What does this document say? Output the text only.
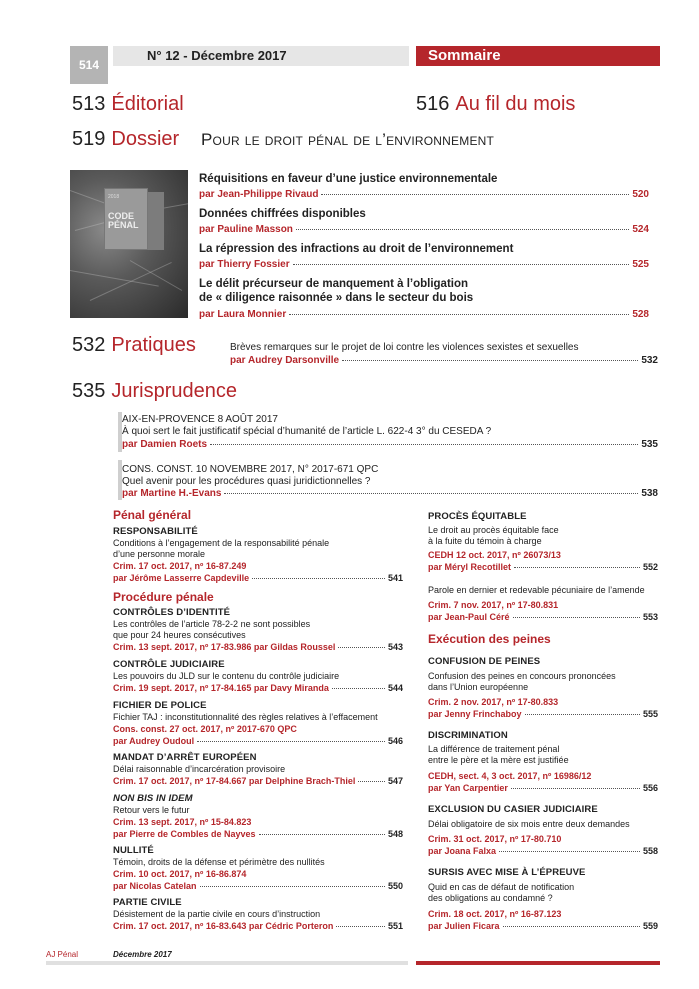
514
N° 12 - Décembre 2017	Sommaire
513 Éditorial	516 Au fil du mois
519 Dossier Pour le droit pénal de l’environnement
2018
CODE
PÉNAL
Réquisitions en faveur d’une justice environnementale
par Jean-Philippe Rivaud	520
Données chiffrées disponibles
par Pauline Masson	524
La répression des infractions au droit de l’environnement
par Thierry Fossier	525
Le délit précurseur de manquement à l’obligation
de « diligence raisonnée » dans le secteur du bois
par Laura Monnier	528
532 Pratiques	Brèves remarques sur le projet de loi contre les violences sexistes et sexuelles
par Audrey Darsonville	532
535 Jurisprudence
AIX-EN-PROVENCE 8 AOÛT 2017
À quoi sert le fait justificatif spécial d’humanité de l’article L. 622-4 3° du CESEDA ?
par Damien Roets	535
CONS. CONST. 10 NOVEMBRE 2017, N° 2017-671 QPC
Quel avenir pour les procédures quasi juridictionnelles ?
par Martine H.-Evans	538
Pénal général
RESPONSABILITÉ
Conditions à l’engagement de la responsabilité pénale
d’une personne morale
Crim. 17 oct. 2017, nº 16-87.249
par Jérôme Lasserre Capdeville	541
Procédure pénale
CONTRÔLES D’IDENTITÉ
Les contrôles de l’article 78-2-2 ne sont possibles
que pour 24 heures consécutives
Crim. 13 sept. 2017, nº 17-83.986 par Gildas Roussel	543
CONTRÔLE JUDICIAIRE
Les pouvoirs du JLD sur le contenu du contrôle judiciaire
Crim. 19 sept. 2017, nº 17-84.165 par Davy Miranda	544
FICHIER DE POLICE
Fichier TAJ : inconstitutionnalité des règles relatives à l’effacement
Cons. const. 27 oct. 2017, nº 2017-670 QPC
par Audrey Oudoul	546
MANDAT D’ARRÊT EUROPÉEN
Délai raisonnable d’incarcération provisoire
Crim. 17 oct. 2017, nº 17-84.667 par Delphine Brach-Thiel	547
NON BIS IN IDEM
Retour vers le futur
Crim. 13 sept. 2017, nº 15-84.823
par Pierre de Combles de Nayves	548
NULLITÉ
Témoin, droits de la défense et périmètre des nullités
Crim. 10 oct. 2017, nº 16-86.874
par Nicolas Catelan	550
PARTIE CIVILE
Désistement de la partie civile en cours d’instruction
Crim. 17 oct. 2017, nº 16-83.643 par Cédric Porteron	551
PROCÈS ÉQUITABLE
Le droit au procès équitable face
à la fuite du témoin à charge
CEDH 12 oct. 2017, nº 26073/13
par Méryl Recotillet	552
Parole en dernier et redevable pécuniaire de l’amende
Crim. 7 nov. 2017, nº 17-80.831
par Jean-Paul Céré	553
Exécution des peines
CONFUSION DE PEINES
Confusion des peines en concours prononcées
dans l’Union européenne
Crim. 2 nov. 2017, nº 17-80.833
par Jenny Frinchaboy	555
DISCRIMINATION
La différence de traitement pénal
entre le père et la mère est justifiée
CEDH, sect. 4, 3 oct. 2017, nº 16986/12
par Yan Carpentier	556
EXCLUSION DU CASIER JUDICIAIRE
Délai obligatoire de six mois entre deux demandes
Crim. 31 oct. 2017, nº 17-80.710
par Joana Falxa	558
SURSIS AVEC MISE À L’ÉPREUVE
Quid en cas de défaut de notification
des obligations au condamné ?
Crim. 18 oct. 2017, nº 16-87.123
par Julien Ficara	559
AJ Pénal	Décembre 2017
